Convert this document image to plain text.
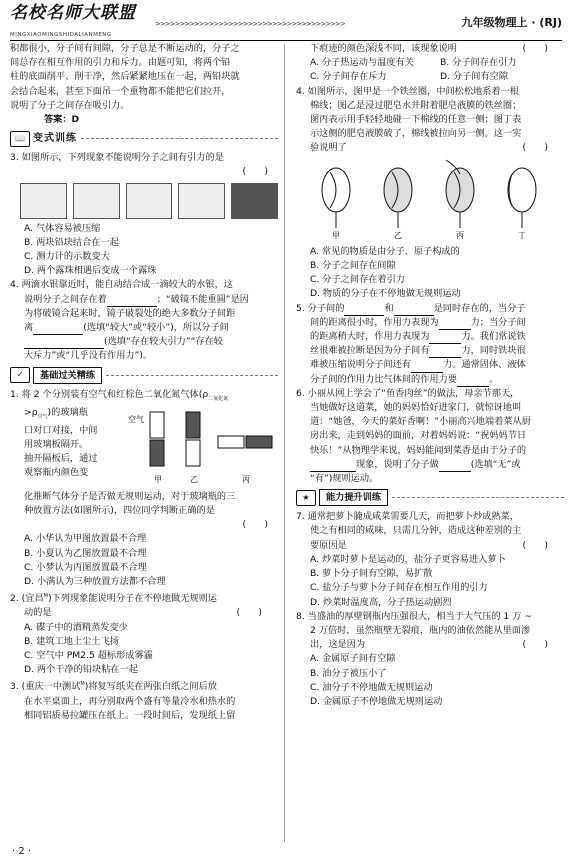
名校名师大联盟
MINGXIAOMINGSHIDALIANMENG
>>>>>>>>>>>>>>>>>>>>>>>>>>>>>>>>>>>>>>>	九年级物理上 · (RJ)

积都很小，分子间有间隙，分子总是不断运动的，分子之

间总存在相互作用的引力和斥力。由题可知，将两个铅

柱的底面削平、削干净，然后紧紧地压在一起，两铅块就

会结合起来，甚至下面吊一个重物都不能把它们拉开，

说明了分子之间存在吸引力。

答案：D

📖 变式训练

3. 如图所示，下列现象不能说明分子之间有引力的是

(　　)

A. 气体容易被压缩

B. 两块铅块结合在一起

C. 测力计的示数变大

D. 两个露珠相遇后变成一个露珠

4. 两滴水银靠近时，能自动结合成一滴较大的水银，这

说明分子之间存在着	；“破镜不能重圆”是因

为将破镜合起来时，镜子破裂处的绝大多数分子间距

离	(选填“较大”或“较小”)，所以分子间

(选填“存在较大引力”“存在较

大斥力”或“几乎没有作用力”)。

✓	基础过关精练

1. 将 2 个分别装有空气和红棕色二氧化氮气体($\rho_{二氧化氮}$

$>\rho_{空气}$)的玻璃瓶

口对口对接，中间

用玻璃板隔开。

抽开隔板后，通过

观察瓶内颜色变

空气
甲	乙	丙

化推断气体分子是否做无规则运动，对于玻璃瓶的三

种放置方法(如图所示)，四位同学判断正确的是

(　　)

A. 小华认为甲图放置最不合理

B. 小夏认为乙图放置最不合理

C. 小梦认为丙图放置最不合理

D. 小满认为三种放置方法都不合理

2. (宜昌$^M$)下列现象能说明分子在不停地做无规则运

动的是	(　　)

A. 碟子中的酒精蒸发变少

B. 建筑工地上尘土飞扬

C. 空气中 PM2.5 超标形成雾霾

D. 两个干净的铅块粘在一起

3. (重庆一中测试$^M$)将复写纸夹在两张白纸之间后放

在水平桌面上，再分别取两个盛有等量冷水和热水的

相同铝质易拉罐压在纸上。一段时间后，发现纸上留

下痕迹的颜色深浅不同，该现象说明	(　　)

A. 分子热运动与温度有关	B. 分子间存在引力

C. 分子间存在斥力	D. 分子间有空隙

4. 如图所示，图甲是一个铁丝圈，中间松松地系着一根

棉线；图乙是浸过肥皂水并附着肥皂液膜的铁丝圈；

图丙表示用手轻轻地碰一下棉线的任意一侧；图丁表

示这侧的肥皂液膜破了，棉线被拉向另一侧。这一实

验说明了	(　　)

甲	乙	丙	丁

A. 常见的物质是由分子、原子构成的

B. 分子之间存在间隙

C. 分子之间存在着引力

D. 物质的分子在不停地做无规则运动

5. 分子间的	和	是同时存在的，当分子

间的距离很小时，作用力表现为	力；当分子间

的距离稍大时，作用力表现为	力。我们常说铁

丝很难被拉断是因为分子间有	力，同时铁块很

难被压缩说明分子间还有	力。通常固体、液体

分子间的作用力比气体间的作用力要	。

6. 小丽从网上学会了“鱼香肉丝”的做法，母亲节那天，

当她做好这道菜，她的妈妈恰好进家门，就惊讶地叫

道：“她爸，今天的菜好香啊！”小丽高兴地端着菜从厨

房出来，走到妈妈的面前，对着妈妈说：“祝妈妈节日

快乐！”从物理学来说，妈妈能闻到菜香是由于分子的

现象，说明了分子做	(选填“无”或

“有”)规则运动。

★	能力提升训练

7. 通常把萝卜腌成咸菜需要几天，而把萝卜炒成熟菜，

使之有相同的咸味，只需几分钟，造成这种差别的主

要原因是	(　　)

A. 炒菜时萝卜是运动的，盐分子更容易进入萝卜

B. 萝卜分子间有空隙，易扩散

C. 盐分子与萝卜分子间存在相互作用的引力

D. 炒菜时温度高，分子热运动剧烈

8. 当盛油的厚壁钢瓶内压强很大，相当于大气压的 1 万 ~

2 万倍时，虽然瓶壁无裂痕，瓶内的油依然能从里面渗

出，这是因为	(　　)

A. 金属原子间有空隙

B. 油分子被压小了

C. 油分子不停地做无规则运动

D. 金属原子不停地做无规则运动

· 2 ·
